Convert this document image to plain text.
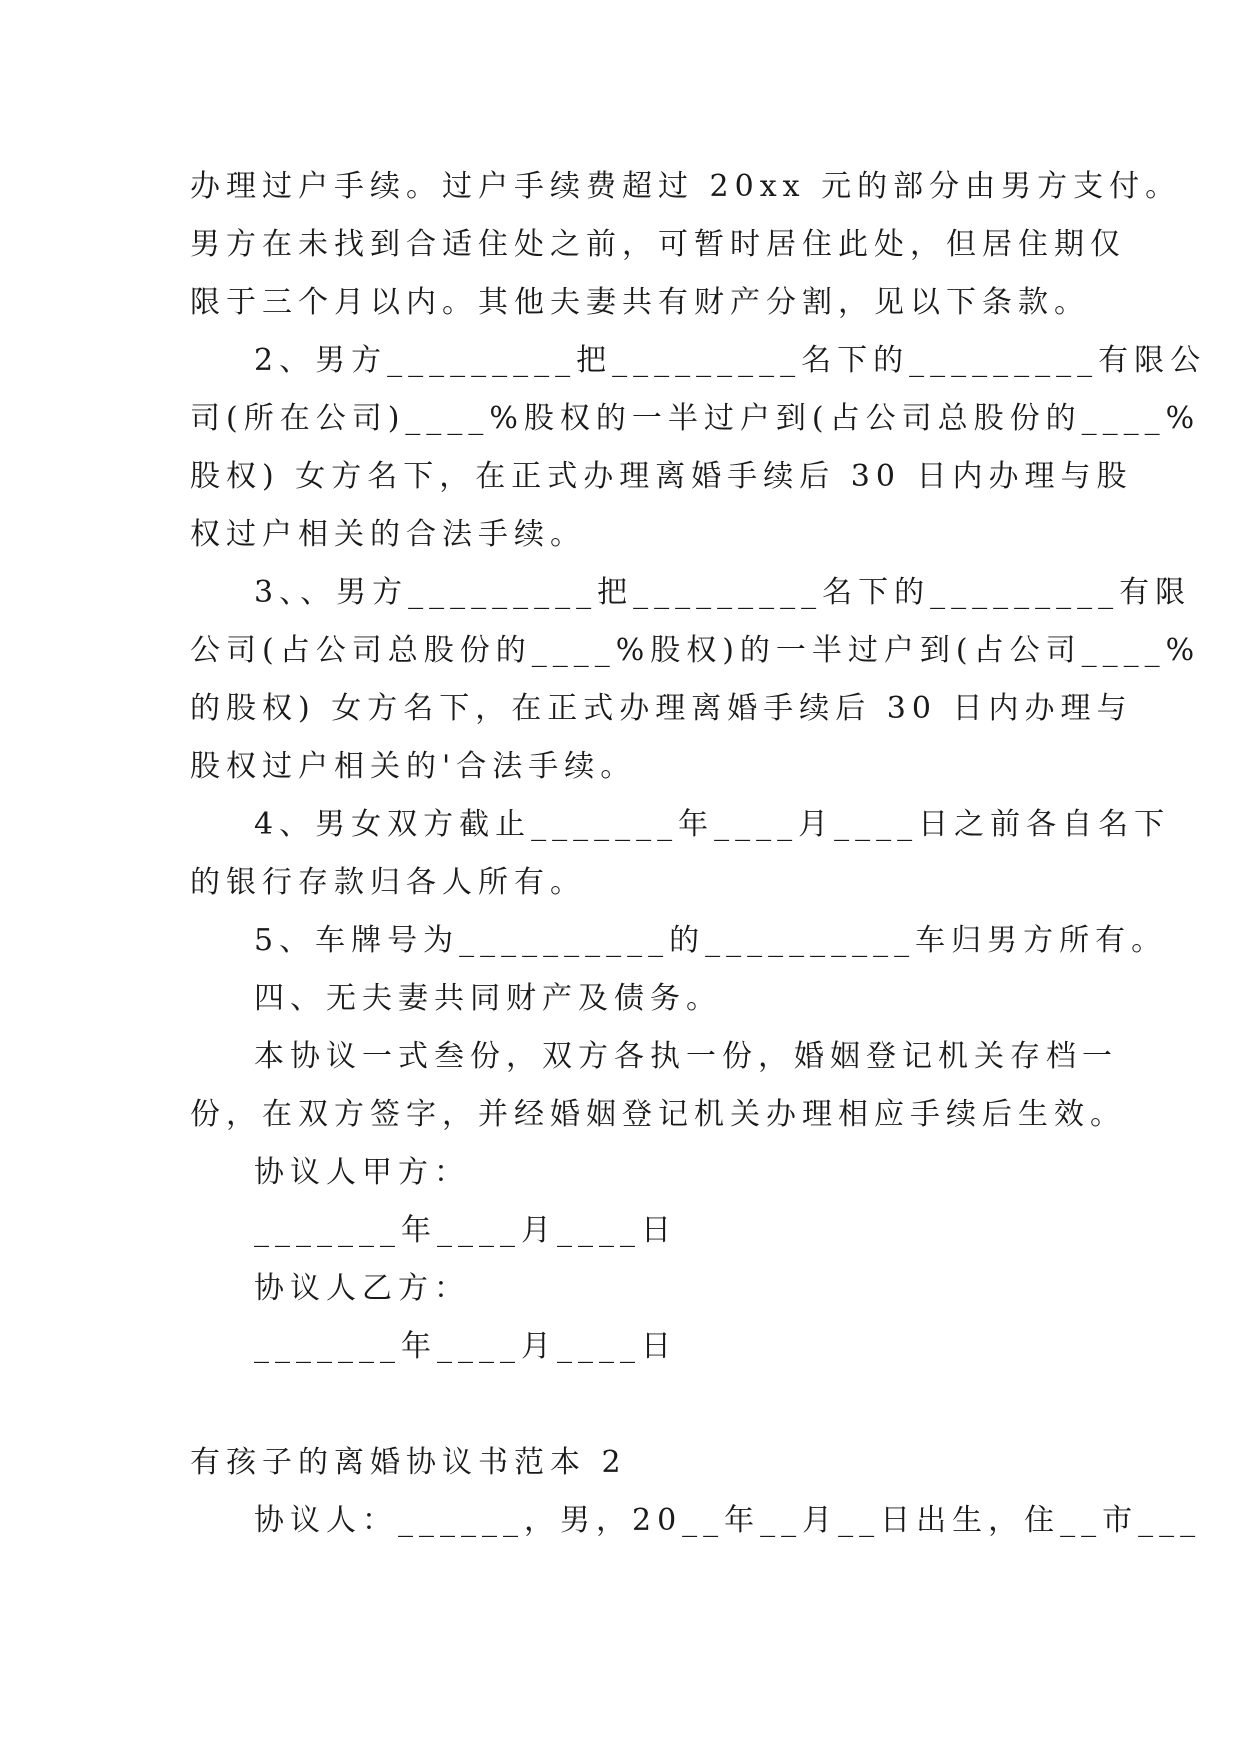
办理过户手续。过户手续费超过 20xx 元的部分由男方支付。
男方在未找到合适住处之前，可暂时居住此处，但居住期仅
限于三个月以内。其他夫妻共有财产分割，见以下条款。
2、男方_________把_________名下的_________有限公
司(所在公司)____%股权的一半过户到(占公司总股份的____%
股权) 女方名下，在正式办理离婚手续后 30 日内办理与股
权过户相关的合法手续。
3、、男方_________把_________名下的_________有限
公司(占公司总股份的____%股权)的一半过户到(占公司____%
的股权) 女方名下，在正式办理离婚手续后 30 日内办理与
股权过户相关的'合法手续。
4、男女双方截止_______年____月____日之前各自名下
的银行存款归各人所有。
5、车牌号为__________的__________车归男方所有。
四、无夫妻共同财产及债务。
本协议一式叁份，双方各执一份，婚姻登记机关存档一
份，在双方签字，并经婚姻登记机关办理相应手续后生效。
协议人甲方：
_______年____月____日
协议人乙方：
_______年____月____日
有孩子的离婚协议书范本 2
协议人：______，男，20__年__月__日出生，住__市___
